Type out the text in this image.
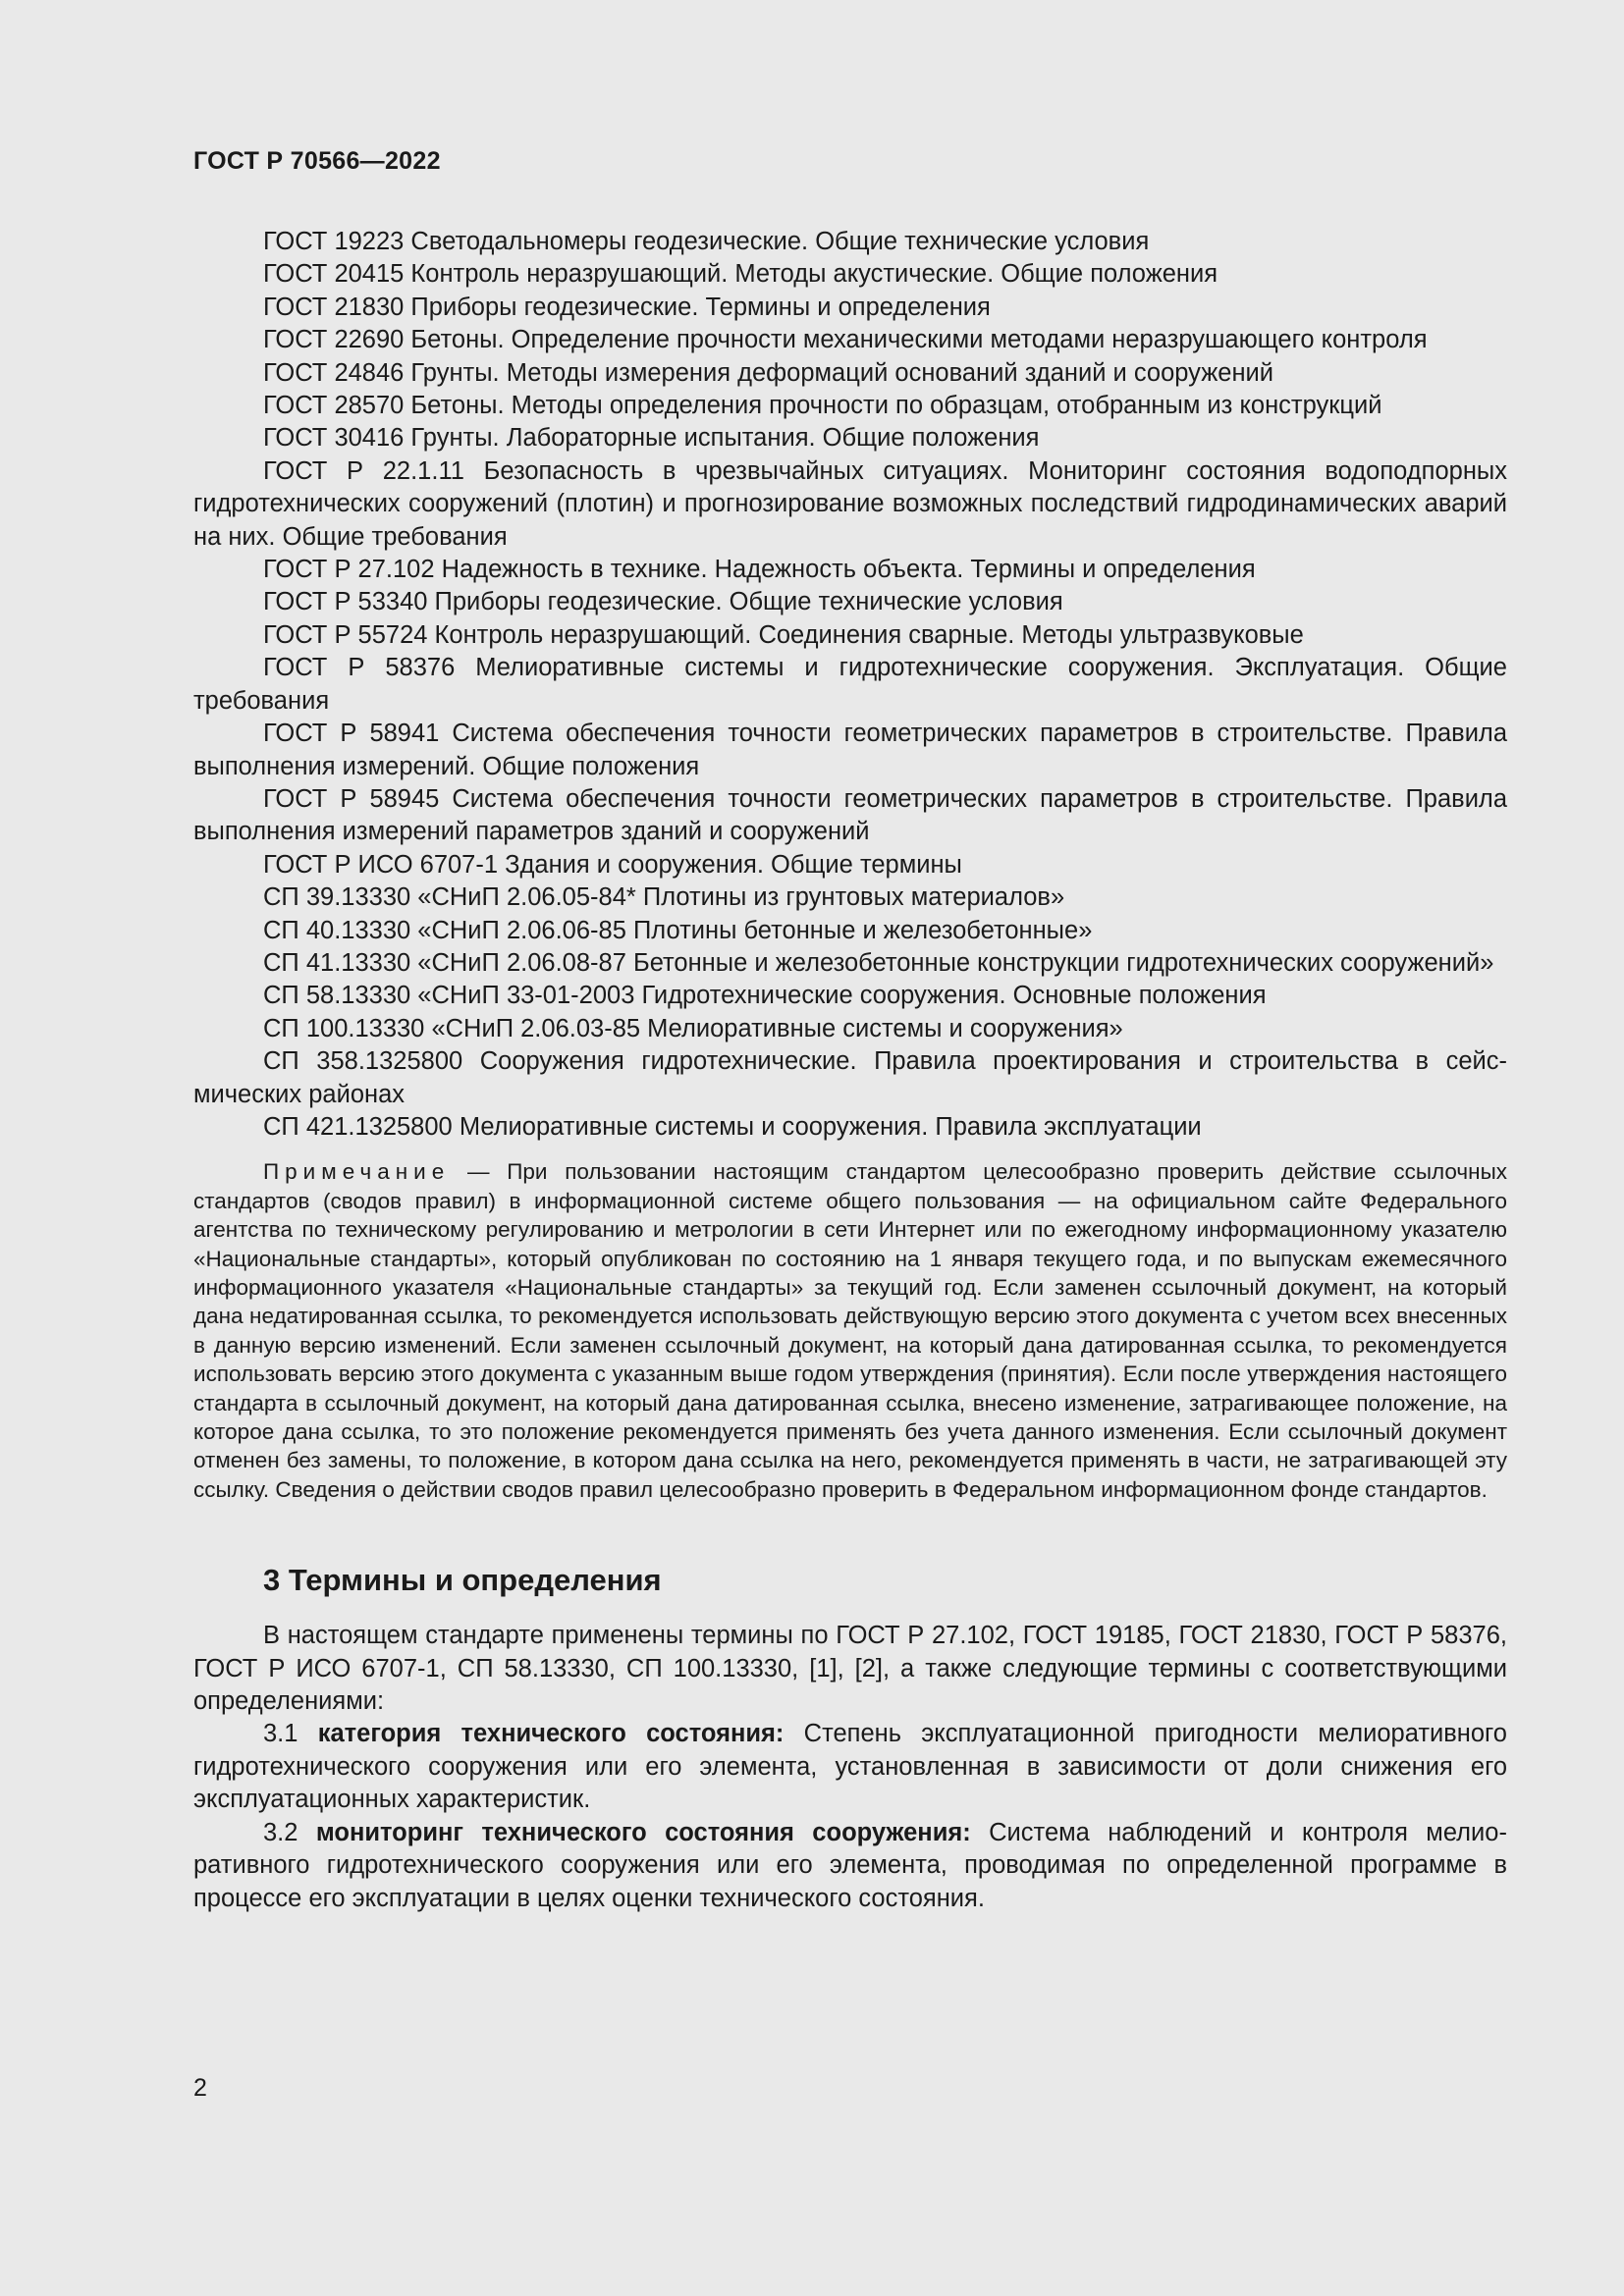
ГОСТ Р 70566—2022

ГОСТ 19223 Светодальномеры геодезические. Общие технические условия

ГОСТ 20415 Контроль неразрушающий. Методы акустические. Общие положения

ГОСТ 21830 Приборы геодезические. Термины и определения

ГОСТ 22690 Бетоны. Определение прочности механическими методами неразрушающего контроля

ГОСТ 24846 Грунты. Методы измерения деформаций оснований зданий и сооружений

ГОСТ 28570 Бетоны. Методы определения прочности по образцам, отобранным из конструкций

ГОСТ 30416 Грунты. Лабораторные испытания. Общие положения

ГОСТ Р 22.1.11 Безопасность в чрезвычайных ситуациях. Мониторинг состояния водоподпорных гидротехнических сооружений (плотин) и прогнозирование возможных последствий гидродинамических аварий на них. Общие требования

ГОСТ Р 27.102 Надежность в технике. Надежность объекта. Термины и определения

ГОСТ Р 53340 Приборы геодезические. Общие технические условия

ГОСТ Р 55724 Контроль неразрушающий. Соединения сварные. Методы ультразвуковые

ГОСТ Р 58376 Мелиоративные системы и гидротехнические сооружения. Эксплуатация. Общие требования

ГОСТ Р 58941 Система обеспечения точности геометрических параметров в строительстве. Правила выполнения измерений. Общие положения

ГОСТ Р 58945 Система обеспечения точности геометрических параметров в строительстве. Правила выполнения измерений параметров зданий и сооружений

ГОСТ Р ИСО 6707-1 Здания и сооружения. Общие термины

СП 39.13330 «СНиП 2.06.05-84* Плотины из грунтовых материалов»

СП 40.13330 «СНиП 2.06.06-85 Плотины бетонные и железобетонные»

СП 41.13330 «СНиП 2.06.08-87 Бетонные и железобетонные конструкции гидротехнических сооружений»

СП 58.13330 «СНиП 33-01-2003 Гидротехнические сооружения. Основные положения

СП 100.13330 «СНиП 2.06.03-85 Мелиоративные системы и сооружения»

СП 358.1325800 Сооружения гидротехнические. Правила проектирования и строительства в сейсмических районах

СП 421.1325800 Мелиоративные системы и сооружения. Правила эксплуатации

Примечание — При пользовании настоящим стандартом целесообразно проверить действие ссылочных стандартов (сводов правил) в информационной системе общего пользования — на официальном сайте Федерального агентства по техническому регулированию и метрологии в сети Интернет или по ежегодному информационному указателю «Национальные стандарты», который опубликован по состоянию на 1 января текущего года, и по выпускам ежемесячного информационного указателя «Национальные стандарты» за текущий год. Если заменен ссылочный документ, на который дана недатированная ссылка, то рекомендуется использовать действующую версию этого документа с учетом всех внесенных в данную версию изменений. Если заменен ссылочный документ, на который дана датированная ссылка, то рекомендуется использовать версию этого документа с указанным выше годом утверждения (принятия). Если после утверждения настоящего стандарта в ссылочный документ, на который дана датированная ссылка, внесено изменение, затрагивающее положение, на которое дана ссылка, то это положение рекомендуется применять без учета данного изменения. Если ссылочный документ отменен без замены, то положение, в котором дана ссылка на него, рекомендуется применять в части, не затрагивающей эту ссылку. Сведения о действии сводов правил целесообразно проверить в Федеральном информационном фонде стандартов.

3 Термины и определения

В настоящем стандарте применены термины по ГОСТ Р 27.102, ГОСТ 19185, ГОСТ 21830, ГОСТ Р 58376, ГОСТ Р ИСО 6707-1, СП 58.13330, СП 100.13330, [1], [2], а также следующие термины с соответствующими определениями:

3.1 категория технического состояния: Степень эксплуатационной пригодности мелиоративного гидротехнического сооружения или его элемента, установленная в зависимости от доли снижения его эксплуатационных характеристик.

3.2 мониторинг технического состояния сооружения: Система наблюдений и контроля мелиоративного гидротехнического сооружения или его элемента, проводимая по определенной программе в процессе его эксплуатации в целях оценки технического состояния.

2
